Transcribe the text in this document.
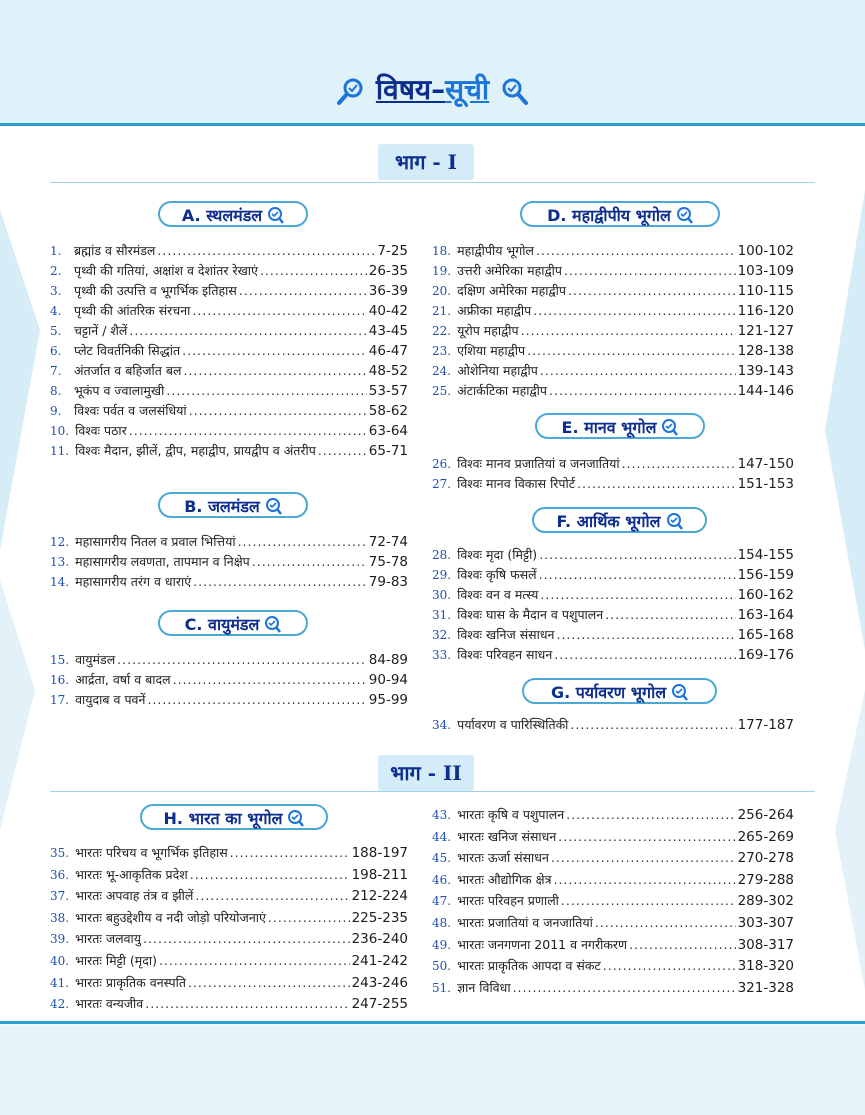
विषय–सूची
भाग - I
A. स्थलमंडल
B. जलमंडल
C. वायुमंडल
D. महाद्वीपीय भूगोल
E. मानव भूगोल
F. आर्थिक भूगोल
G. पर्यावरण भूगोल
1.	ब्रह्मांड व सौरमंडल .....	7-25
2.	पृथ्वी की गतियां, अक्षांश व देशांतर रेखाएं .....	26-35
3.	पृथ्वी की उत्पत्ति व भूगर्भिक इतिहास .....	36-39
4.	पृथ्वी की आंतरिक संरचना .....	40-42
5.	चट्टानें / शैलें .....	43-45
6.	प्लेट विवर्तनिकी सिद्धांत .....	46-47
7.	अंतर्जात व बहिर्जात बल .....	48-52
8.	भूकंप व ज्वालामुखी .....	53-57
9.	विश्वः पर्वत व जलसंधियां .....	58-62
10. विश्वः पठार .....	63-64
11. विश्वः मैदान, झीलें, द्वीप, महाद्वीप, प्रायद्वीप व अंतरीप .....	65-71
12. महासागरीय नितल व प्रवाल भित्तियां .....	72-74
13. महासागरीय लवणता, तापमान व निक्षेप .....	75-78
14. महासागरीय तरंग व धाराएं .....	79-83
15. वायुमंडल .....	84-89
16. आर्द्रता, वर्षा व बादल .....	90-94
17. वायुदाब व पवनें .....	95-99
18. महाद्वीपीय भूगोल .....	100-102
19. उत्तरी अमेरिका महाद्वीप .....	103-109
20. दक्षिण अमेरिका महाद्वीप .....	110-115
21. अफ्रीका महाद्वीप .....	116-120
22. यूरोप महाद्वीप .....	121-127
23. एशिया महाद्वीप .....	128-138
24. ओशेनिया महाद्वीप .....	139-143
25. अंटार्कटिका महाद्वीप .....	144-146
26. विश्वः मानव प्रजातियां व जनजातियां .....	147-150
27. विश्वः मानव विकास रिपोर्ट .....	151-153
28. विश्वः मृदा (मिट्टी) .....	154-155
29. विश्वः कृषि फसलें .....	156-159
30. विश्वः वन व मत्स्य .....	160-162
31. विश्वः घास के मैदान व पशुपालन .....	163-164
32. विश्वः खनिज संसाधन .....	165-168
33. विश्वः परिवहन साधन .....	169-176
34. पर्यावरण व पारिस्थितिकी .....	177-187
भाग - II
H. भारत का भूगोल
35. भारतः परिचय व भूगर्भिक इतिहास .....	188-197
36. भारतः भू-आकृतिक प्रदेश .....	198-211
37. भारतः अपवाह तंत्र व झीलें .....	212-224
38. भारतः बहुउद्देशीय व नदी जोड़ो परियोजनाएं .....	225-235
39. भारतः जलवायु .....	236-240
40. भारतः मिट्टी (मृदा) .....	241-242
41. भारतः प्राकृतिक वनस्पति .....	243-246
42. भारतः वन्यजीव .....	247-255
43. भारतः कृषि व पशुपालन .....	256-264
44. भारतः खनिज संसाधन .....	265-269
45. भारतः ऊर्जा संसाधन .....	270-278
46. भारतः औद्योगिक क्षेत्र .....	279-288
47. भारतः परिवहन प्रणाली .....	289-302
48. भारतः प्रजातियां व जनजातियां .....	303-307
49. भारतः जनगणना 2011 व नगरीकरण .....	308-317
50. भारतः प्राकृतिक आपदा व संकट .....	318-320
51. ज्ञान विविधा .....	321-328
